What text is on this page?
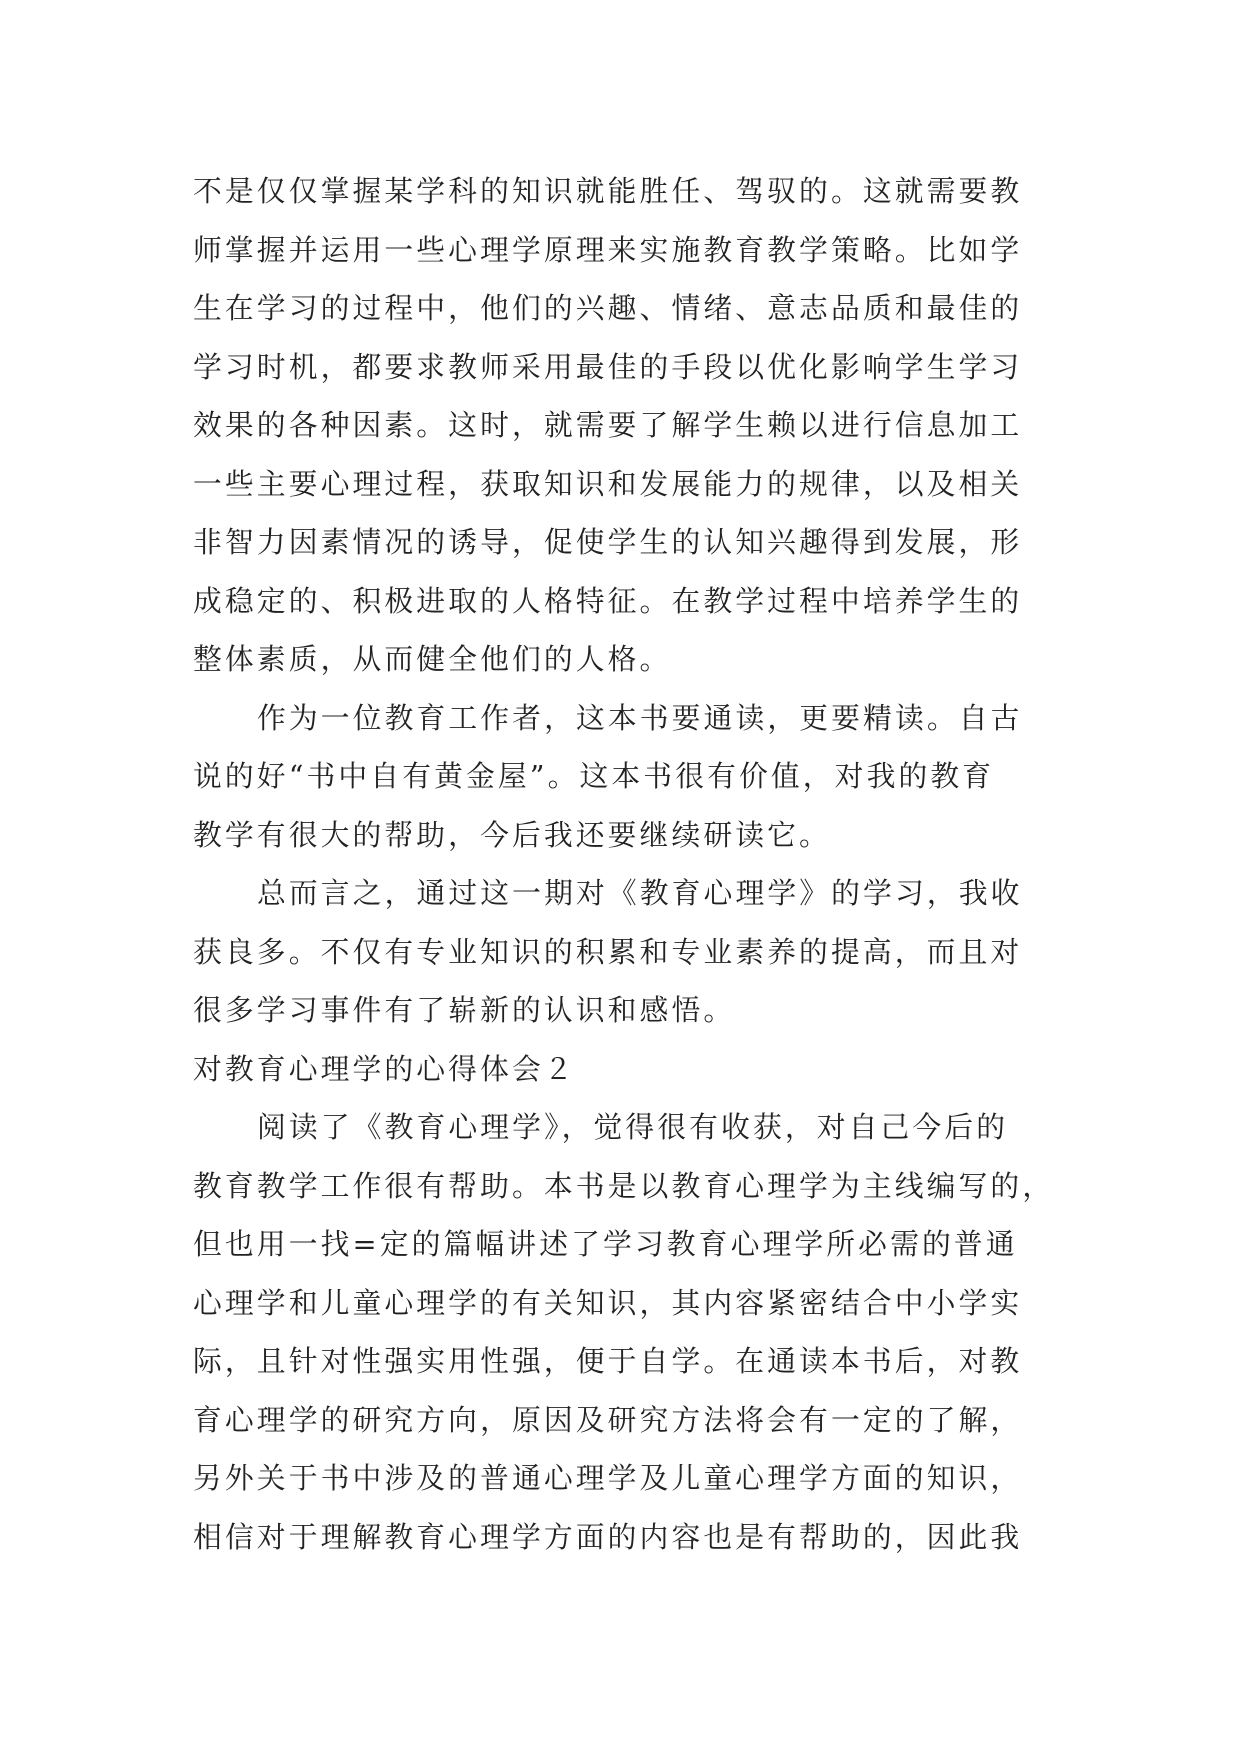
不是仅仅掌握某学科的知识就能胜任、驾驭的。这就需要教
师掌握并运用一些心理学原理来实施教育教学策略。比如学
生在学习的过程中，他们的兴趣、情绪、意志品质和最佳的
学习时机，都要求教师采用最佳的手段以优化影响学生学习
效果的各种因素。这时，就需要了解学生赖以进行信息加工
一些主要心理过程，获取知识和发展能力的规律，以及相关
非智力因素情况的诱导，促使学生的认知兴趣得到发展，形
成稳定的、积极进取的人格特征。在教学过程中培养学生的
整体素质，从而健全他们的人格。
作为一位教育工作者，这本书要通读，更要精读。自古
说的好“书中自有黄金屋”。这本书很有价值，对我的教育
教学有很大的帮助，今后我还要继续研读它。
总而言之，通过这一期对《教育心理学》的学习，我收
获良多。不仅有专业知识的积累和专业素养的提高，而且对
很多学习事件有了崭新的认识和感悟。
对教育心理学的心得体会２
阅读了《教育心理学》，觉得很有收获，对自己今后的
教育教学工作很有帮助。本书是以教育心理学为主线编写的，
但也用一找=定的篇幅讲述了学习教育心理学所必需的普通
心理学和儿童心理学的有关知识，其内容紧密结合中小学实
际，且针对性强实用性强，便于自学。在通读本书后，对教
育心理学的研究方向，原因及研究方法将会有一定的了解，
另外关于书中涉及的普通心理学及儿童心理学方面的知识，
相信对于理解教育心理学方面的内容也是有帮助的，因此我
